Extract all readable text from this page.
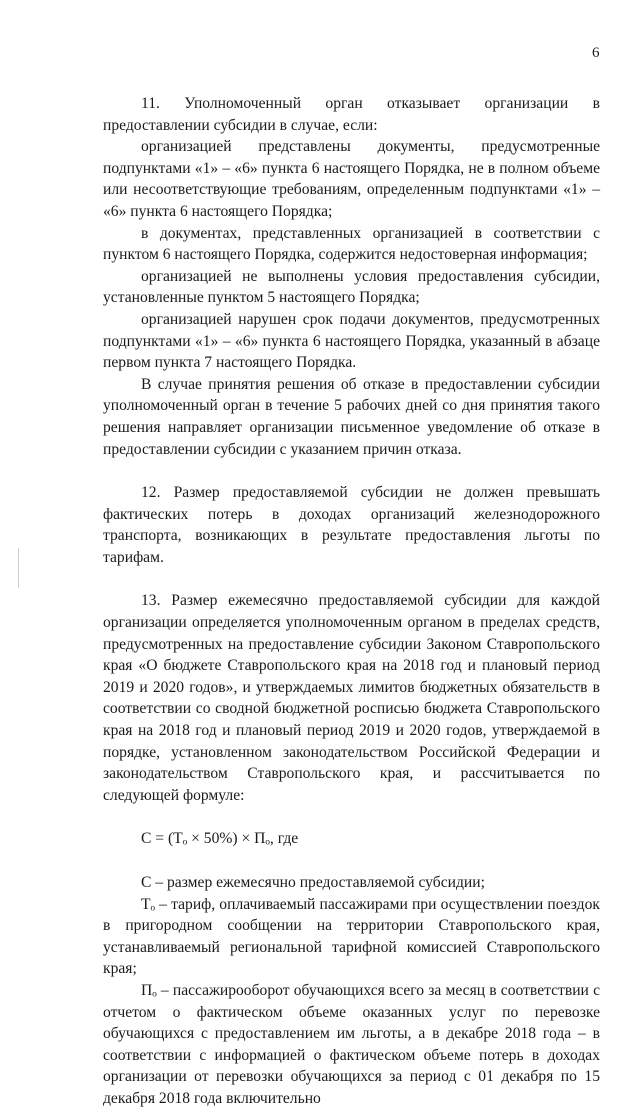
6

11. Уполномоченный орган отказывает организации в предоставлении субсидии в случае, если:

организацией представлены документы, предусмотренные подпунктами «1» – «6» пункта 6 настоящего Порядка, не в полном объеме или несоответствующие требованиям, определенным подпунктами «1» – «6» пункта 6 настоящего Порядка;

в документах, представленных организацией в соответствии с пунктом 6 настоящего Порядка, содержится недостоверная информация;

организацией не выполнены условия предоставления субсидии, установленные пунктом 5 настоящего Порядка;

организацией нарушен срок подачи документов, предусмотренных подпунктами «1» – «6» пункта 6 настоящего Порядка, указанный в абзаце первом пункта 7 настоящего Порядка.

В случае принятия решения об отказе в предоставлении субсидии уполномоченный орган в течение 5 рабочих дней со дня принятия такого решения направляет организации письменное уведомление об отказе в предоставлении субсидии с указанием причин отказа.

12. Размер предоставляемой субсидии не должен превышать фактических потерь в доходах организаций железнодорожного транспорта, возникающих в результате предоставления льготы по тарифам.

13. Размер ежемесячно предоставляемой субсидии для каждой организации определяется уполномоченным органом в пределах средств, предусмотренных на предоставление субсидии Законом Ставропольского края «О бюджете Ставропольского края на 2018 год и плановый период 2019 и 2020 годов», и утверждаемых лимитов бюджетных обязательств в соответствии со сводной бюджетной росписью бюджета Ставропольского края на 2018 год и плановый период 2019 и 2020 годов, утверждаемой в порядке, установленном законодательством Российской Федерации и законодательством Ставропольского края, и рассчитывается по следующей формуле:

С = (Тₒ × 50%) × Пₒ, где

С – размер ежемесячно предоставляемой субсидии;

Тₒ – тариф, оплачиваемый пассажирами при осуществлении поездок в пригородном сообщении на территории Ставропольского края, устанавливаемый региональной тарифной комиссией Ставропольского края;

Пₒ – пассажирооборот обучающихся всего за месяц в соответствии с отчетом о фактическом объеме оказанных услуг по перевозке обучающихся с предоставлением им льготы, а в декабре 2018 года – в соответствии с информацией о фактическом объеме потерь в доходах организации от перевозки обучающихся за период с 01 декабря по 15 декабря 2018 года включительно
